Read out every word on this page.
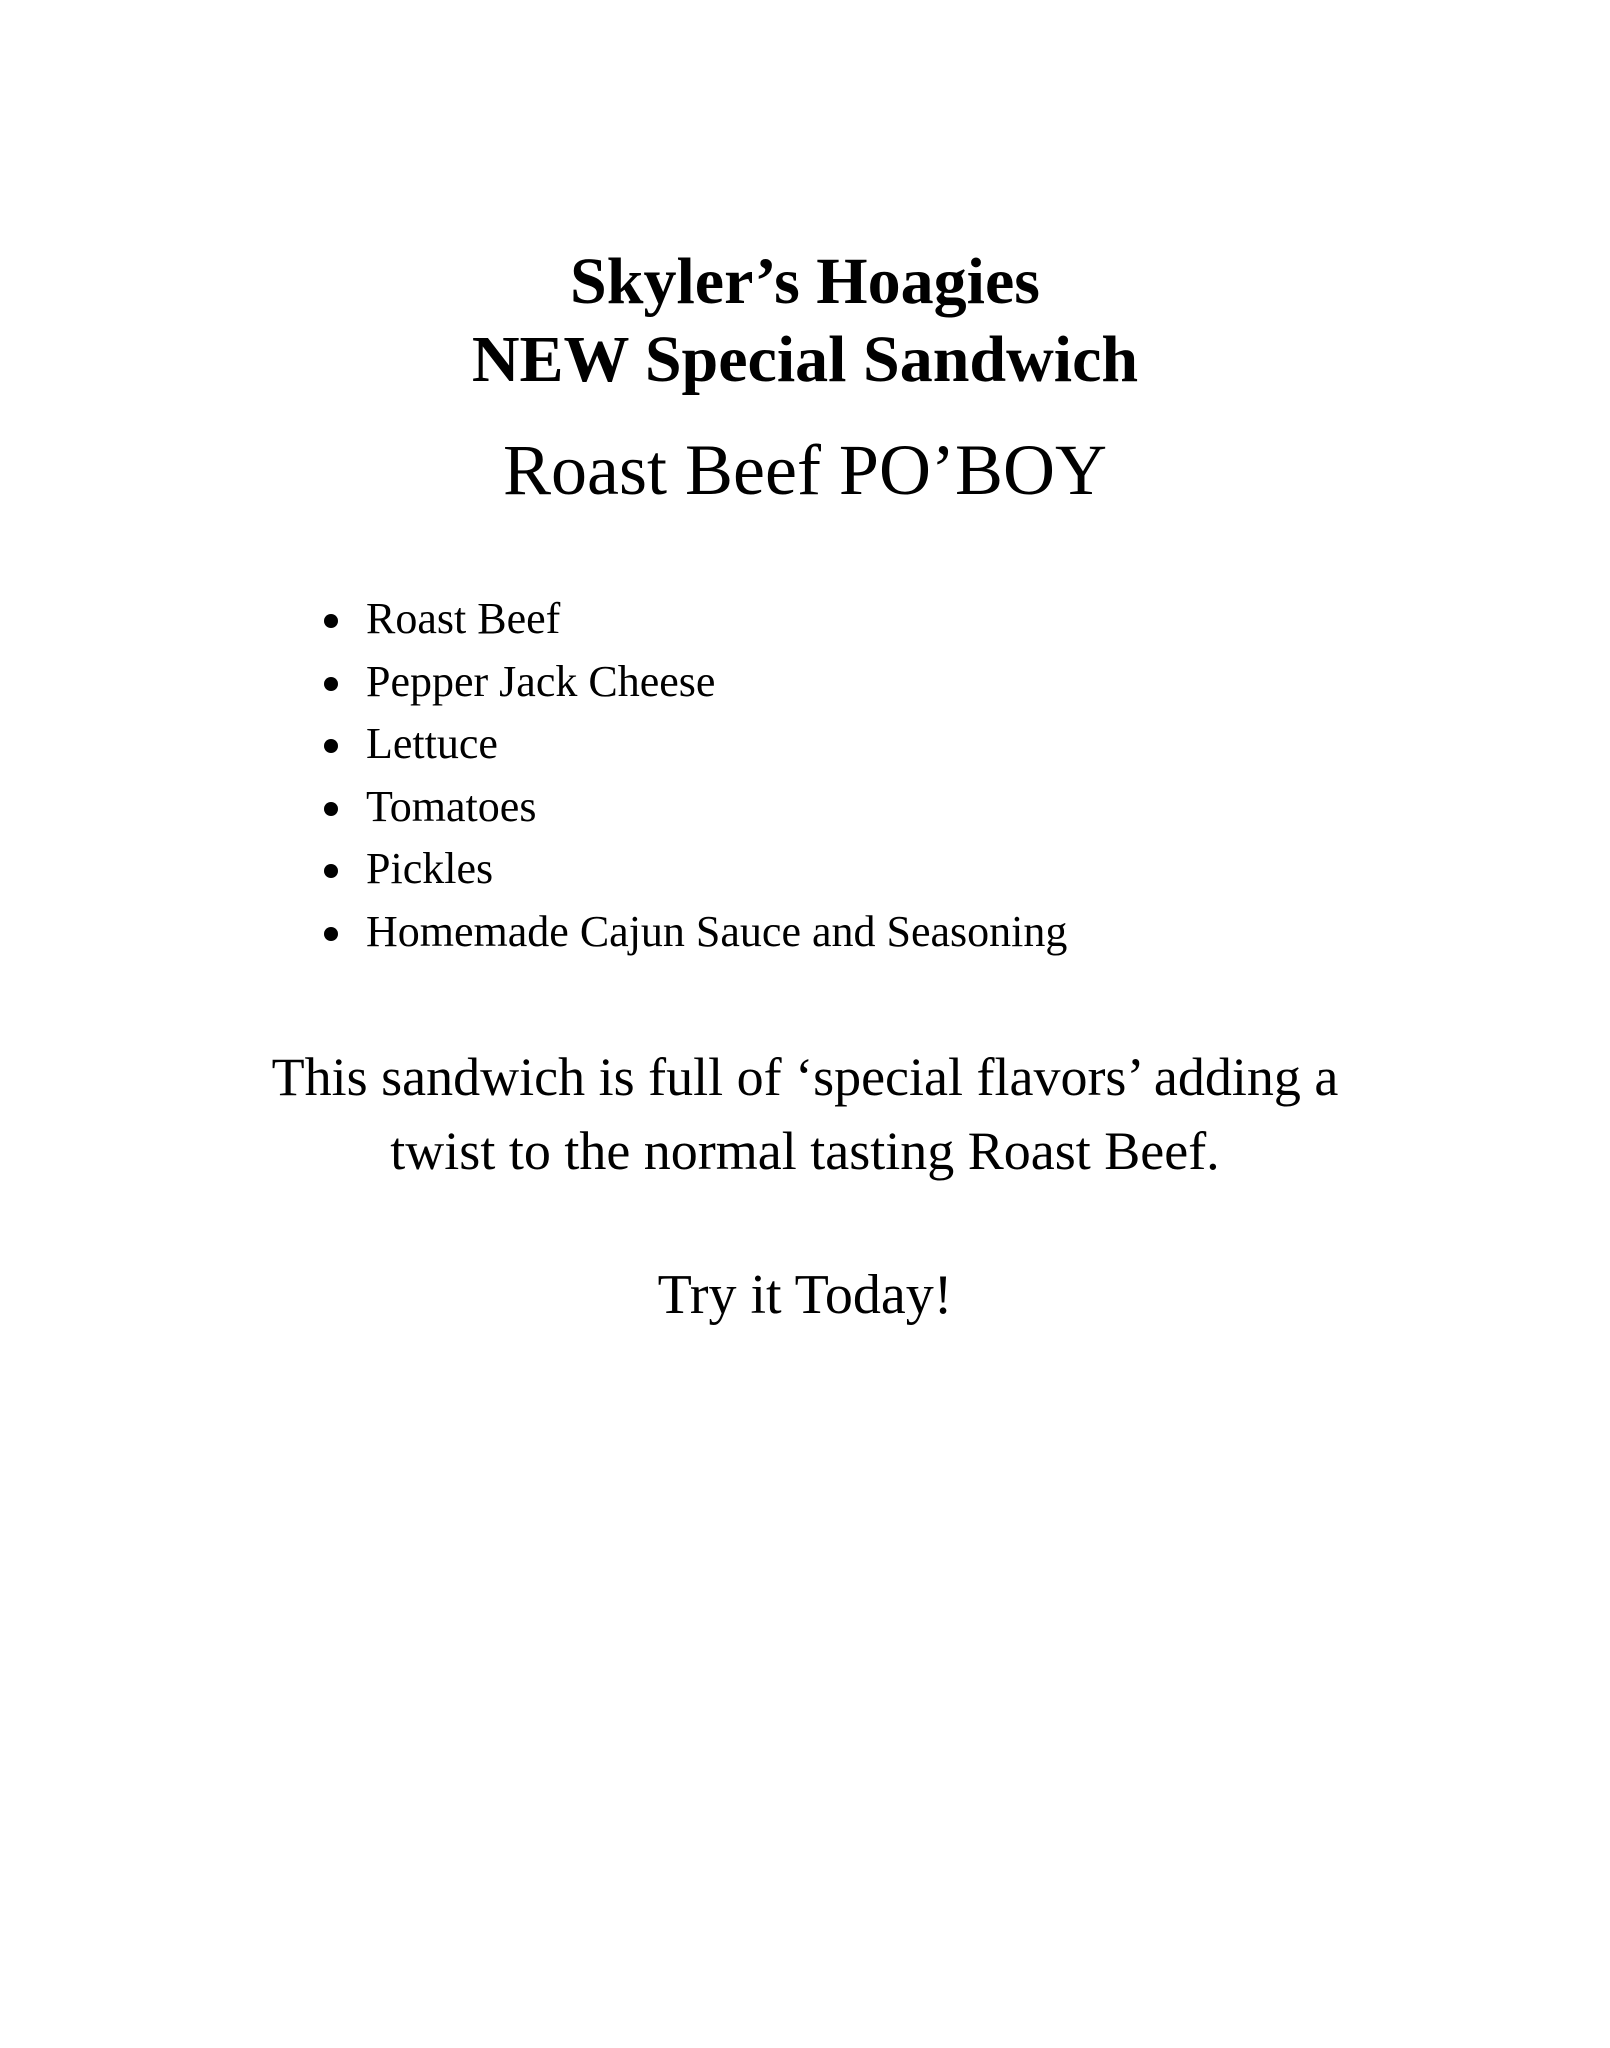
Skyler’s Hoagies
NEW Special Sandwich
Roast Beef PO’BOY
Roast Beef
Pepper Jack Cheese
Lettuce
Tomatoes
Pickles
Homemade Cajun Sauce and Seasoning

This sandwich is full of ‘special flavors’ adding a
twist to the normal tasting Roast Beef.

Try it Today!
